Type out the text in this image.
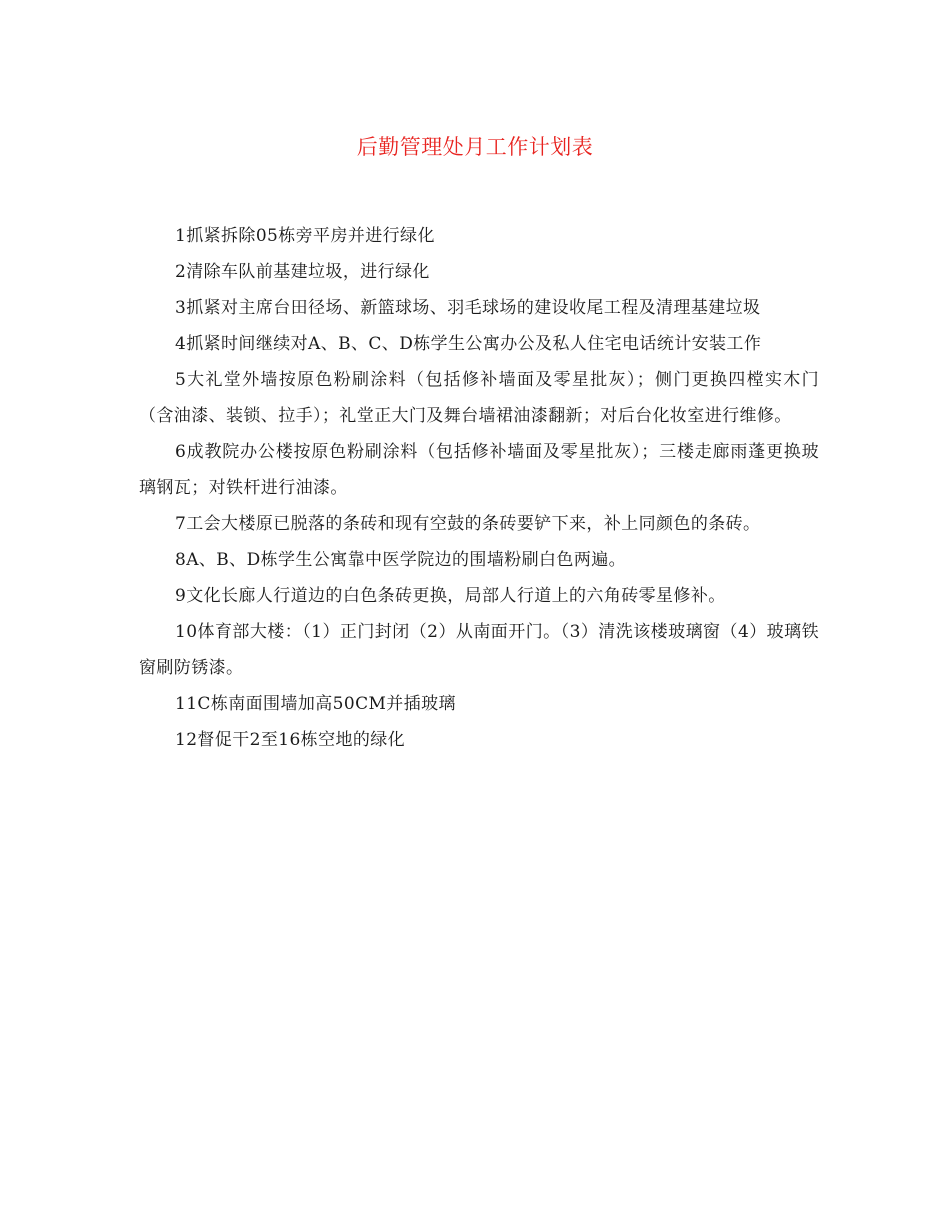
后勤管理处月工作计划表

1抓紧拆除05栋旁平房并进行绿化

2清除车队前基建垃圾，进行绿化

3抓紧对主席台田径场、新篮球场、羽毛球场的建设收尾工程及清理基建垃圾

4抓紧时间继续对A、B、C、D栋学生公寓办公及私人住宅电话统计安装工作

5大礼堂外墙按原色粉刷涂料（包括修补墙面及零星批灰）；侧门更换四樘实木门（含油漆、装锁、拉手）；礼堂正大门及舞台墙裙油漆翻新；对后台化妆室进行维修。

6成教院办公楼按原色粉刷涂料（包括修补墙面及零星批灰）；三楼走廊雨蓬更换玻璃钢瓦；对铁杆进行油漆。

7工会大楼原已脱落的条砖和现有空鼓的条砖要铲下来，补上同颜色的条砖。

8A、B、D栋学生公寓靠中医学院边的围墙粉刷白色两遍。

9文化长廊人行道边的白色条砖更换，局部人行道上的六角砖零星修补。

10体育部大楼：（1）正门封闭（2）从南面开门。（3）清洗该楼玻璃窗（4）玻璃铁窗刷防锈漆。

11C栋南面围墙加高50CM并插玻璃

12督促干2至16栋空地的绿化
